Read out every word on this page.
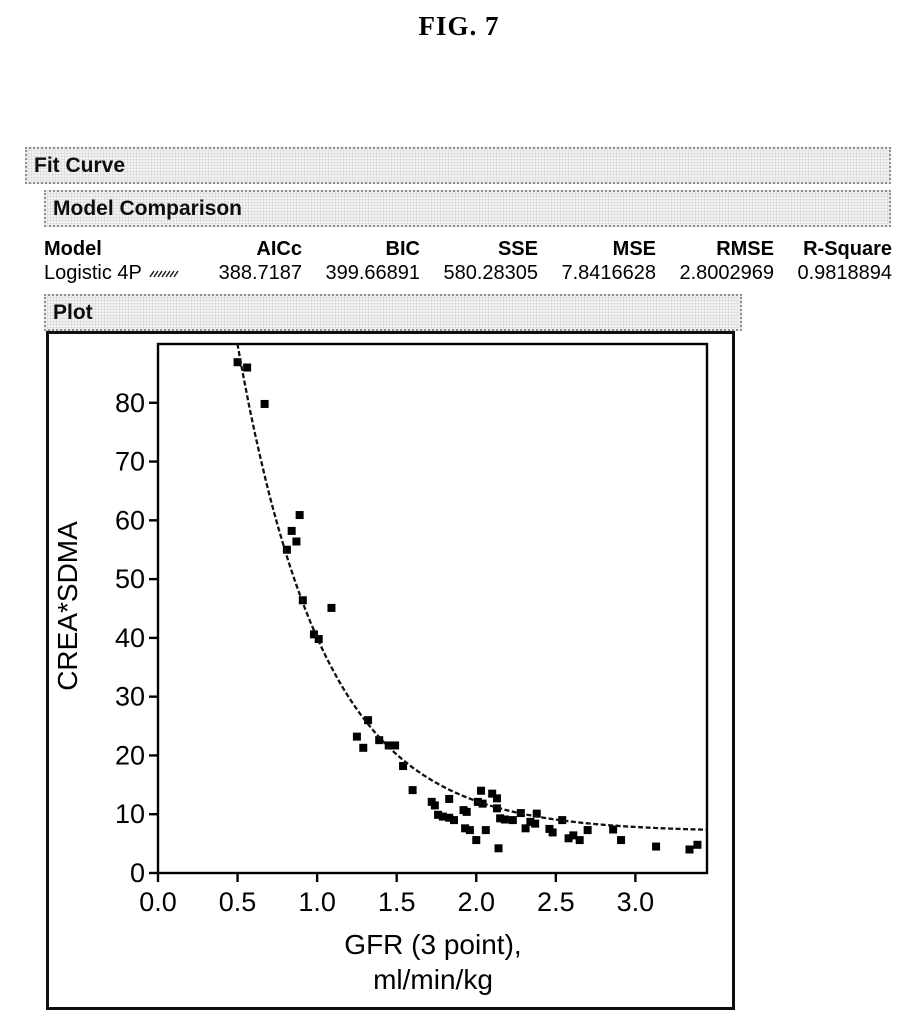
FIG. 7
Fit Curve
Model Comparison
Model	AICc	BIC	SSE	MSE	RMSE	R-Square
Logistic 4P	388.7187	399.66891	580.28305	7.8416628	2.8002969	0.9818894
Plot
0.0 0.5 1.0 1.5 2.0 2.5 3.0
0
10
20
30
40
50
60
70
80
GFR (3 point),
ml/min/kg
CREA*SDMA
